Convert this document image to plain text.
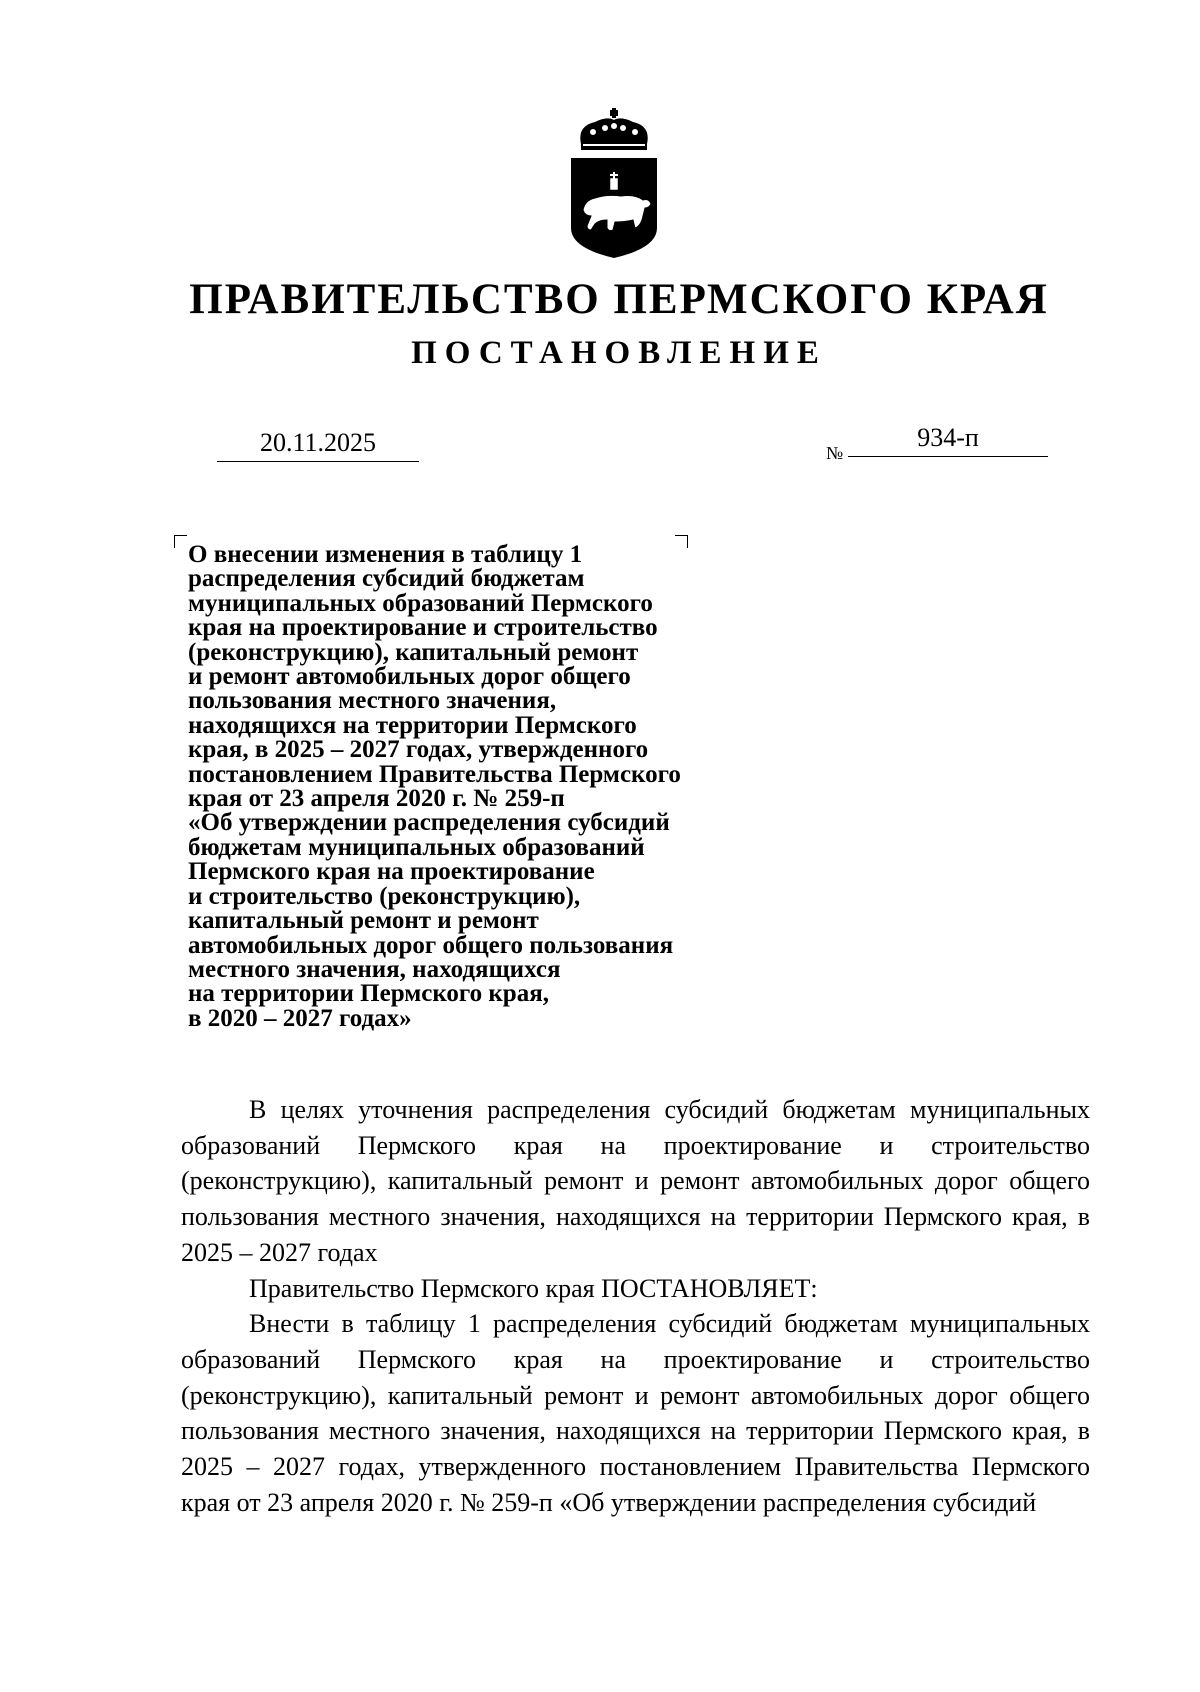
ПРАВИТЕЛЬСТВО ПЕРМСКОГО КРАЯ
ПОСТАНОВЛЕНИЕ
20.11.2025	№
934-п
О внесении изменения в таблицу 1
распределения субсидий бюджетам
муниципальных образований Пермского
края на проектирование и строительство
(реконструкцию), капитальный ремонт
и ремонт автомобильных дорог общего
пользования местного значения,
находящихся на территории Пермского
края, в 2025 – 2027 годах, утвержденного
постановлением Правительства Пермского
края от 23 апреля 2020 г. № 259-п
«Об утверждении распределения субсидий
бюджетам муниципальных образований
Пермского края на проектирование
и строительство (реконструкцию),
капитальный ремонт и ремонт
автомобильных дорог общего пользования
местного значения, находящихся
на территории Пермского края,
в 2020 – 2027 годах»

В целях уточнения распределения субсидий бюджетам муниципальных образований Пермского края на проектирование и строительство (реконструкцию), капитальный ремонт и ремонт автомобильных дорог общего пользования местного значения, находящихся на территории Пермского края, в 2025 – 2027 годах

Правительство Пермского края ПОСТАНОВЛЯЕТ:

Внести в таблицу 1 распределения субсидий бюджетам муниципальных образований Пермского края на проектирование и строительство (реконструкцию), капитальный ремонт и ремонт автомобильных дорог общего пользования местного значения, находящихся на территории Пермского края, в 2025 – 2027 годах, утвержденного постановлением Правительства Пермского края от 23 апреля 2020 г. № 259-п «Об утверждении распределения субсидий
